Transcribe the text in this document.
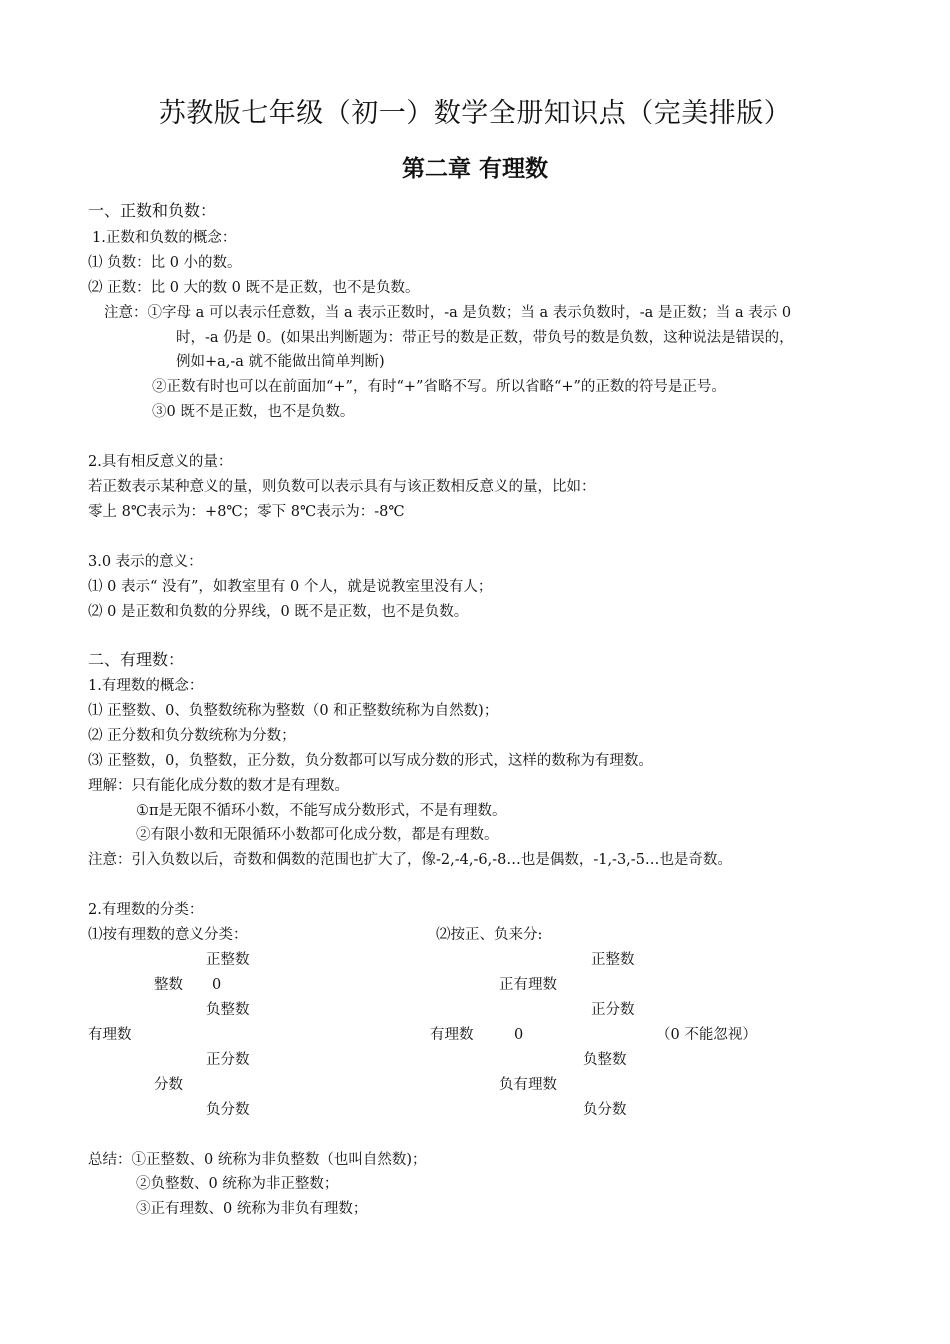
苏教版七年级（初一）数学全册知识点（完美排版）
第二章 有理数
一、正数和负数：
1.正数和负数的概念：
⑴ 负数：比 0 小的数。
⑵ 正数：比 0 大的数 0 既不是正数，也不是负数。
注意：①字母 a 可以表示任意数，当 a 表示正数时，-a 是负数；当 a 表示负数时，-a 是正数；当 a 表示 0
时，-a 仍是 0。(如果出判断题为：带正号的数是正数，带负号的数是负数，这种说法是错误的，
例如+a,-a 就不能做出简单判断)
②正数有时也可以在前面加“+”，有时“+”省略不写。所以省略“+”的正数的符号是正号。
③0 既不是正数，也不是负数。
2.具有相反意义的量：
若正数表示某种意义的量，则负数可以表示具有与该正数相反意义的量，比如：
零上 8℃表示为：+8℃；零下 8℃表示为：-8℃
3.0 表示的意义：
⑴ 0 表示“ 没有”，如教室里有 0 个人，就是说教室里没有人；
⑵ 0 是正数和负数的分界线，0 既不是正数，也不是负数。
二、有理数：
1.有理数的概念：
⑴ 正整数、0、负整数统称为整数（0 和正整数统称为自然数)；
⑵ 正分数和负分数统称为分数；
⑶ 正整数，0，负整数，正分数，负分数都可以写成分数的形式，这样的数称为有理数。
理解：只有能化成分数的数才是有理数。
①π是无限不循环小数，不能写成分数形式，不是有理数。
②有限小数和无限循环小数都可化成分数，都是有理数。
注意：引入负数以后，奇数和偶数的范围也扩大了，像-2,-4,-6,-8…也是偶数，-1,-3,-5…也是奇数。
2.有理数的分类：
⑴按有理数的意义分类：
正整数
整数 0
负整数
有理数
正分数
分数
负分数
⑵按正、负来分:
正整数
正有理数
正分数
有理数	0	（0 不能忽视）
负整数
负有理数
负分数
总结：①正整数、0 统称为非负整数（也叫自然数)；
②负整数、0 统称为非正整数；
③正有理数、0 统称为非负有理数；
